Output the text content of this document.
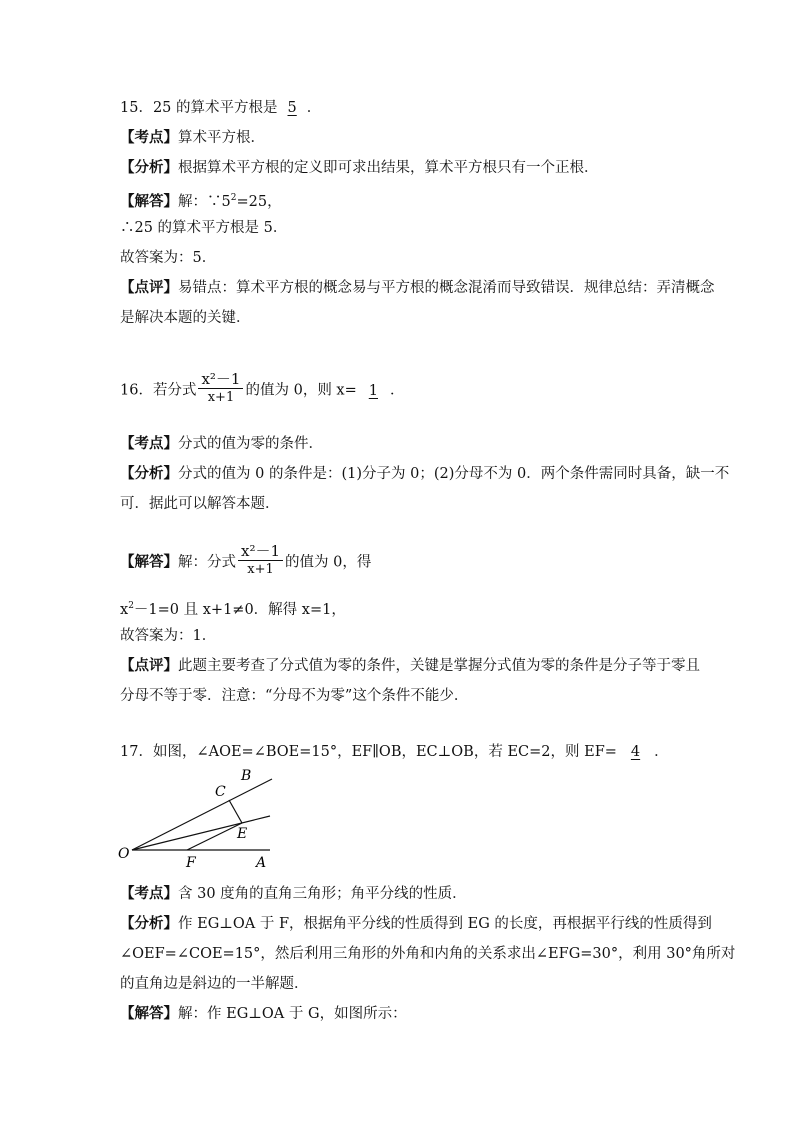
15．25 的算术平方根是 5 ．
【考点】算术平方根．
【分析】根据算术平方根的定义即可求出结果，算术平方根只有一个正根．
【解答】解：$\because 5^2=25$，
∴25 的算术平方根是 5．
故答案为：5．
【点评】易错点：算术平方根的概念易与平方根的概念混淆而导致错误．规律总结：弄清概念
是解决本题的关键．
16．若分式 $\frac{\text{x²－1}}{x+1}$ 的值为 0，则 x= 1 ．
【考点】分式的值为零的条件．
【分析】分式的值为 0 的条件是：(1)分子为 0；(2)分母不为 0．两个条件需同时具备，缺一不
可．据此可以解答本题．
【解答】解：分式 $\frac{\text{x²－1}}{x+1}$ 的值为 0，得
$x^2-1=0$ 且 x+1≠0．解得 x=1，
故答案为：1．
【点评】此题主要考查了分式值为零的条件，关键是掌握分式值为零的条件是分子等于零且
分母不等于零．注意：“分母不为零”这个条件不能少．
17．如图，∠AOE=∠BOE=15°，EF∥OB，EC⊥OB，若 EC=2，则 EF= 4 ．
B
C
E
O
F	A
【考点】含 30 度角的直角三角形；角平分线的性质．
【分析】作 EG⊥OA 于 F，根据角平分线的性质得到 EG 的长度，再根据平行线的性质得到
∠OEF=∠COE=15°，然后利用三角形的外角和内角的关系求出∠EFG=30°，利用 30°角所对
的直角边是斜边的一半解题．
【解答】解：作 EG⊥OA 于 G，如图所示：
